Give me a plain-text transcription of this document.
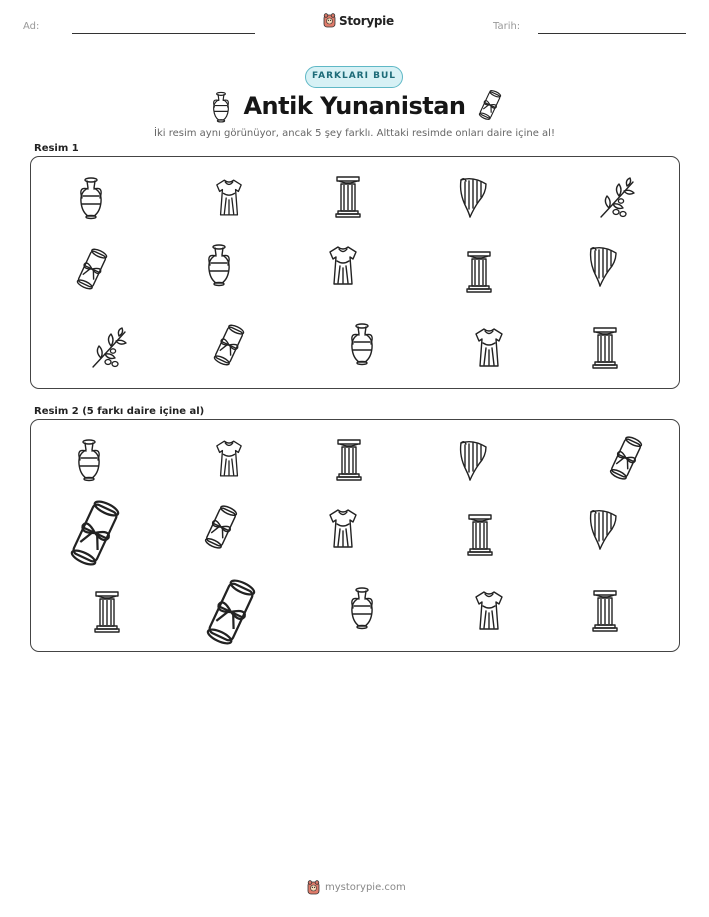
Ad:	Storypie	Tarih:
FARKLARI BUL
Antik Yunanistan
İki resim aynı görünüyor, ancak 5 şey farklı. Alttaki resimde onları daire içine al!
Resim 1
Resim 2 (5 farkı daire içine al)
mystorypie.com
